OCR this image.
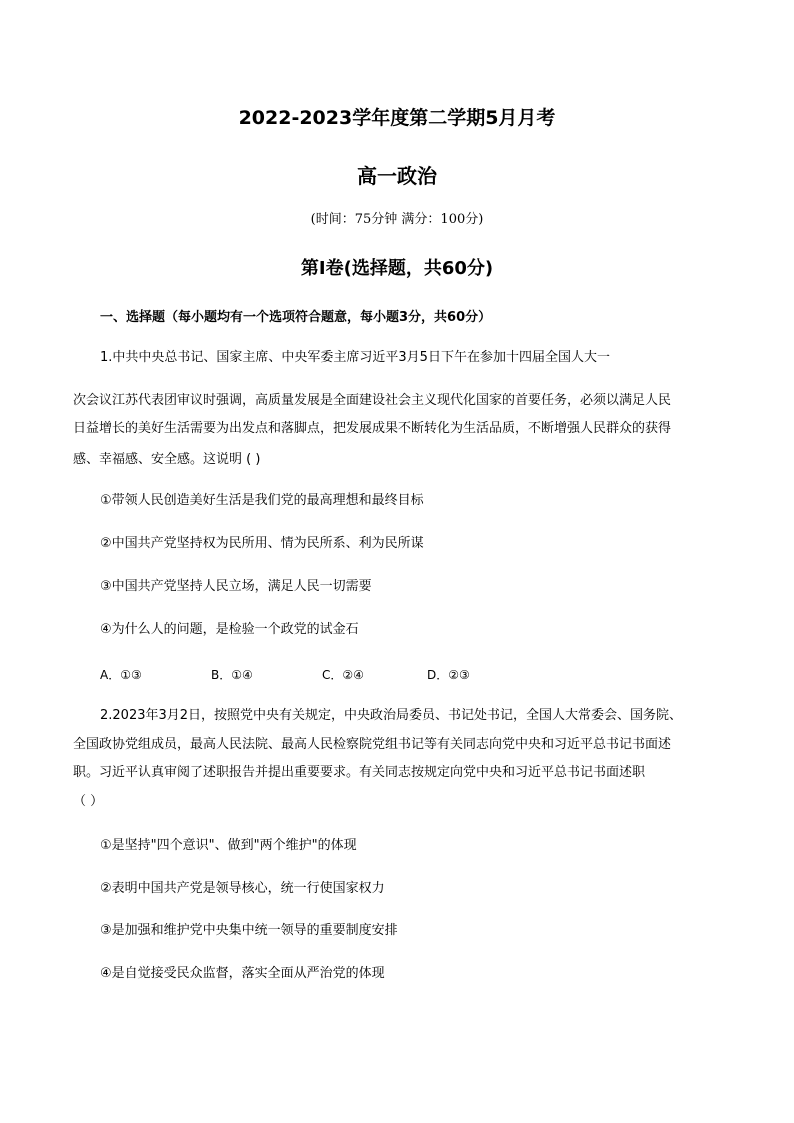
2022-2023学年度第二学期5月月考
高一政治
(时间：75分钟 满分：100分)
第Ⅰ卷(选择题，共60分)
一、选择题（每小题均有一个选项符合题意，每小题3分，共60分）
1.中共中央总书记、国家主席、中央军委主席习近平3月5日下午在参加十四届全国人大一
次会议江苏代表团审议时强调，高质量发展是全面建设社会主义现代化国家的首要任务，必须以满足人民
日益增长的美好生活需要为出发点和落脚点，把发展成果不断转化为生活品质，不断增强人民群众的获得
感、幸福感、安全感。这说明 ( )
①带领人民创造美好生活是我们党的最高理想和最终目标
②中国共产党坚持权为民所用、情为民所系、利为民所谋
③中国共产党坚持人民立场，满足人民一切需要
④为什么人的问题，是检验一个政党的试金石
A．①③	B．①④	C．②④	D．②③
2.2023年3月2日，按照党中央有关规定，中央政治局委员、书记处书记，全国人大常委会、国务院、
全国政协党组成员，最高人民法院、最高人民检察院党组书记等有关同志向党中央和习近平总书记书面述
职。习近平认真审阅了述职报告并提出重要要求。有关同志按规定向党中央和习近平总书记书面述职
（ ）
①是坚持"四个意识"、做到"两个维护"的体现
②表明中国共产党是领导核心，统一行使国家权力
③是加强和维护党中央集中统一领导的重要制度安排
④是自觉接受民众监督，落实全面从严治党的体现
